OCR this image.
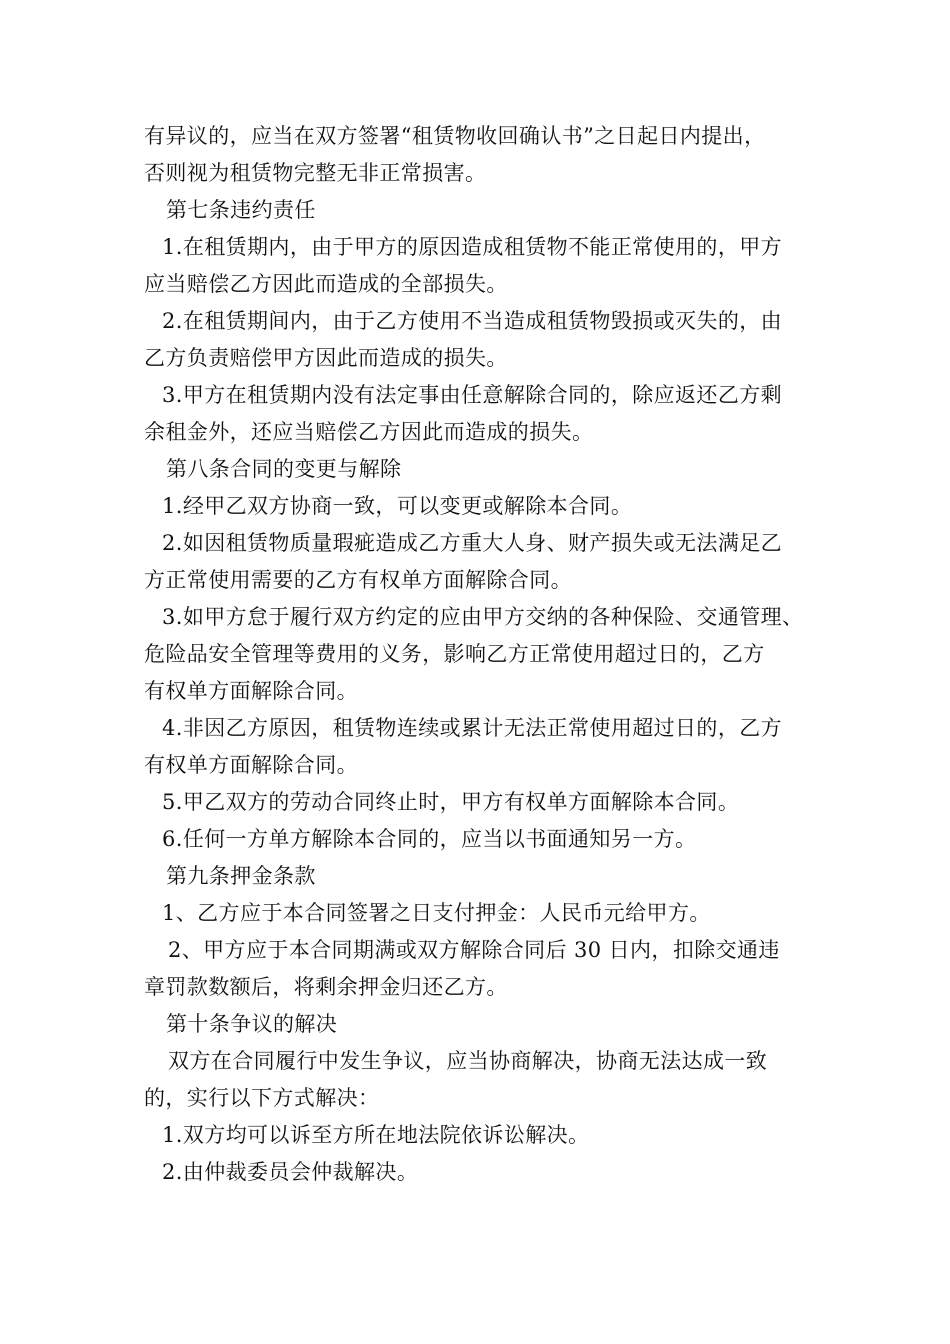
有异议的，应当在双方签署“租赁物收回确认书”之日起日内提出，
否则视为租赁物完整无非正常损害。
第七条违约责任
1.在租赁期内，由于甲方的原因造成租赁物不能正常使用的，甲方
应当赔偿乙方因此而造成的全部损失。
2.在租赁期间内，由于乙方使用不当造成租赁物毁损或灭失的，由
乙方负责赔偿甲方因此而造成的损失。
3.甲方在租赁期内没有法定事由任意解除合同的，除应返还乙方剩
余租金外，还应当赔偿乙方因此而造成的损失。
第八条合同的变更与解除
1.经甲乙双方协商一致，可以变更或解除本合同。
2.如因租赁物质量瑕疵造成乙方重大人身、财产损失或无法满足乙
方正常使用需要的乙方有权单方面解除合同。
3.如甲方怠于履行双方约定的应由甲方交纳的各种保险、交通管理、
危险品安全管理等费用的义务，影响乙方正常使用超过日的，乙方
有权单方面解除合同。
4.非因乙方原因，租赁物连续或累计无法正常使用超过日的，乙方
有权单方面解除合同。
5.甲乙双方的劳动合同终止时，甲方有权单方面解除本合同。
6.任何一方单方解除本合同的，应当以书面通知另一方。
第九条押金条款
1、乙方应于本合同签署之日支付押金：人民币元给甲方。
2、甲方应于本合同期满或双方解除合同后 30 日内，扣除交通违
章罚款数额后，将剩余押金归还乙方。
第十条争议的解决
双方在合同履行中发生争议，应当协商解决，协商无法达成一致
的，实行以下方式解决：
1.双方均可以诉至方所在地法院依诉讼解决。
2.由仲裁委员会仲裁解决。
